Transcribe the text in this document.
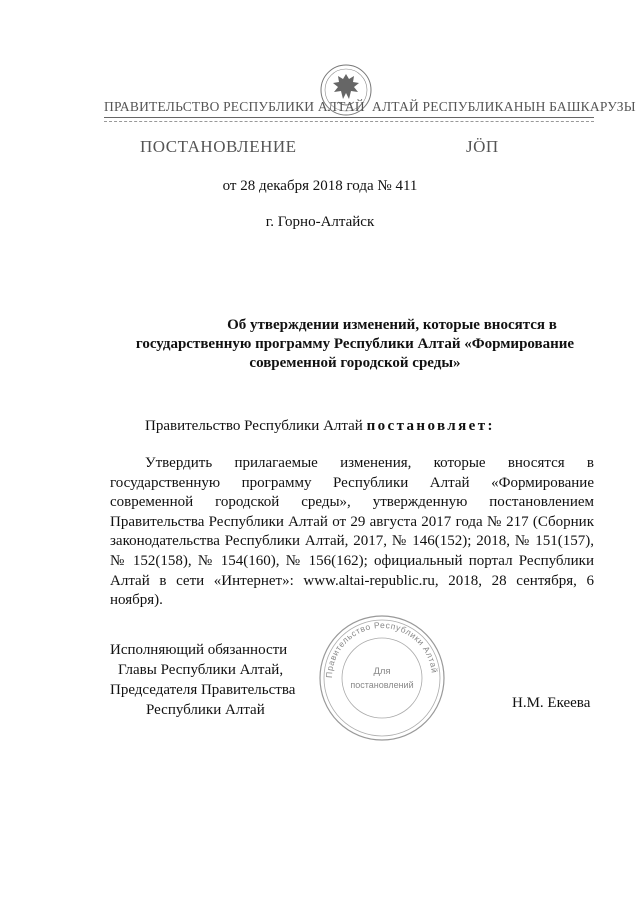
ПРАВИТЕЛЬСТВО РЕСПУБЛИКИ АЛТАЙ АЛТАЙ РЕСПУБЛИКАНЫН БАШКАРУЗЫ
ПОСТАНОВЛЕНИЕ	ЈӦП
от 28 декабря 2018 года № 411
г. Горно-Алтайск
Об утверждении изменений, которые вносятся в
государственную программу Республики Алтай «Формирование
современной городской среды»
Правительство Республики Алтай постановляет:
Утвердить прилагаемые изменения, которые вносятся в государственную программу Республики Алтай «Формирование современной городской среды», утвержденную постановлением Правительства Республики Алтай от 29 августа 2017 года № 217 (Сборник законодательства Республики Алтай, 2017, № 146(152); 2018, № 151(157), № 152(158), № 154(160), № 156(162); официальный портал Республики Алтай в сети «Интернет»: www.altai-republic.ru, 2018, 28 сентября, 6 ноября).
Исполняющий обязанности
Главы Республики Алтай,
Председателя Правительства
Республики Алтай	Н.М. Екеева
Правительство Республики Алтай
Для
постановлений
